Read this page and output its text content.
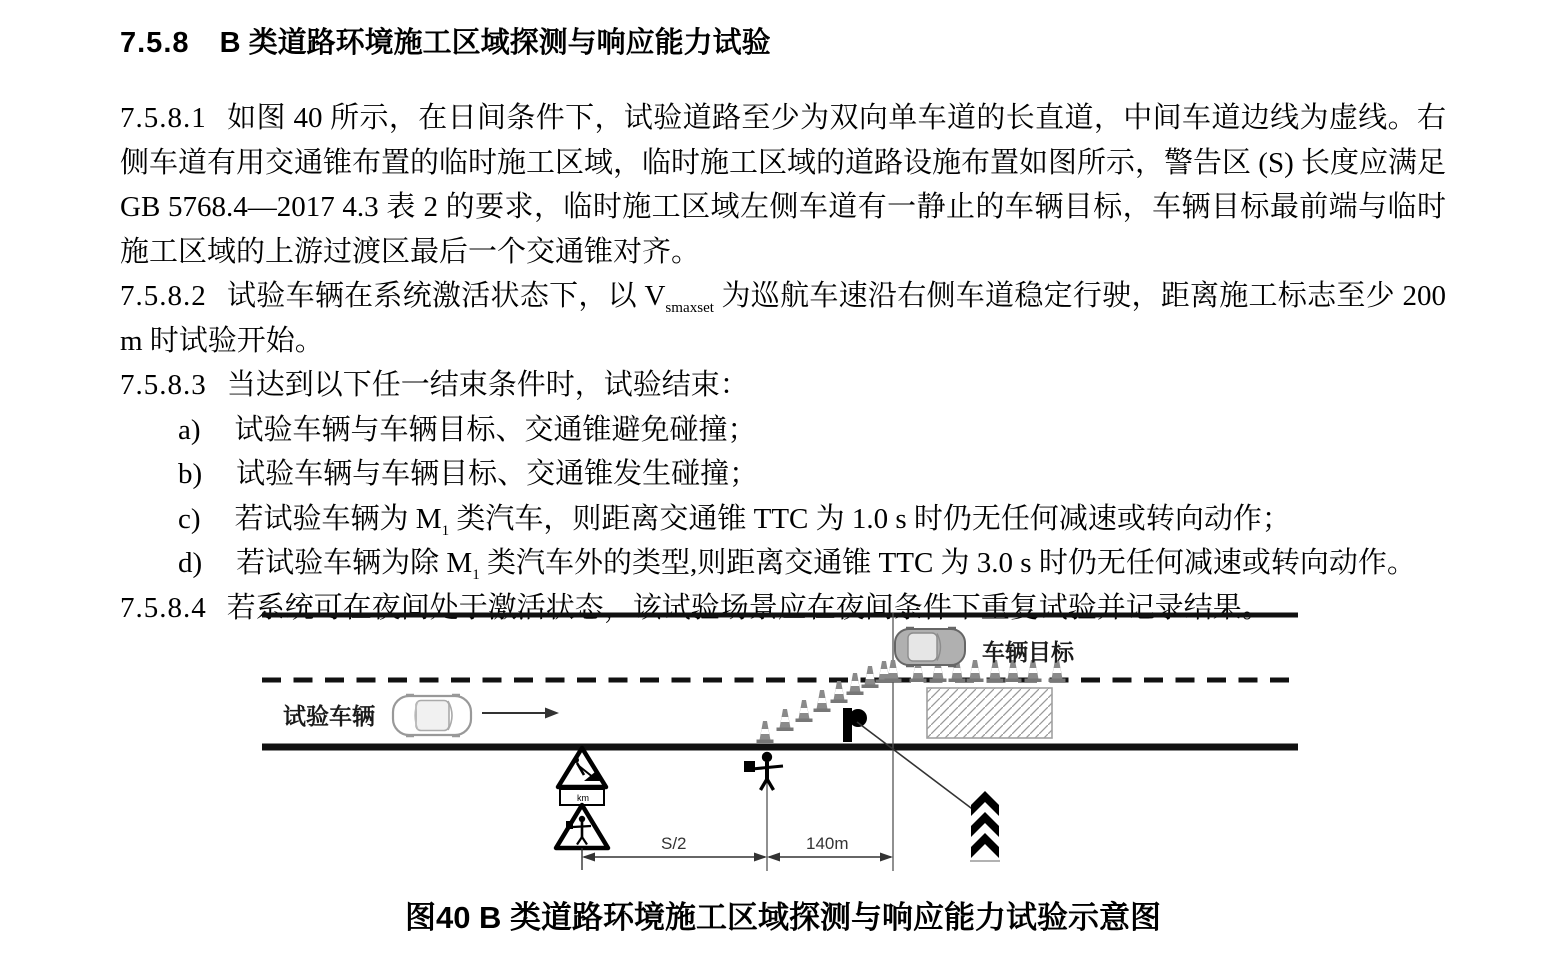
7.5.8 B 类道路环境施工区域探测与响应能力试验

7.5.8.1 如图 40 所示，在日间条件下，试验道路至少为双向单车道的长直道，中间车道边线为虚线。右侧车道有用交通锥布置的临时施工区域，临时施工区域的道路设施布置如图所示，警告区 (S) 长度应满足 GB 5768.4—2017 4.3 表 2 的要求，临时施工区域左侧车道有一静止的车辆目标，车辆目标最前端与临时施工区域的上游过渡区最后一个交通锥对齐。

7.5.8.2 试验车辆在系统激活状态下，以 $V_{smaxset}$ 为巡航车速沿右侧车道稳定行驶，距离施工标志至少 200 m 时试验开始。

7.5.8.3 当达到以下任一结束条件时，试验结束：

a) 试验车辆与车辆目标、交通锥避免碰撞；
b) 试验车辆与车辆目标、交通锥发生碰撞；
c) 若试验车辆为 $M_1$ 类汽车，则距离交通锥 TTC 为 1.0 s 时仍无任何减速或转向动作；
d) 若试验车辆为除 $M_1$ 类汽车外的类型,则距离交通锥 TTC 为 3.0 s 时仍无任何减速或转向动作。

7.5.8.4 若系统可在夜间处于激活状态，该试验场景应在夜间条件下重复试验并记录结果。

试验车辆
车辆目标
km
S/2	140m
图40 B 类道路环境施工区域探测与响应能力试验示意图
